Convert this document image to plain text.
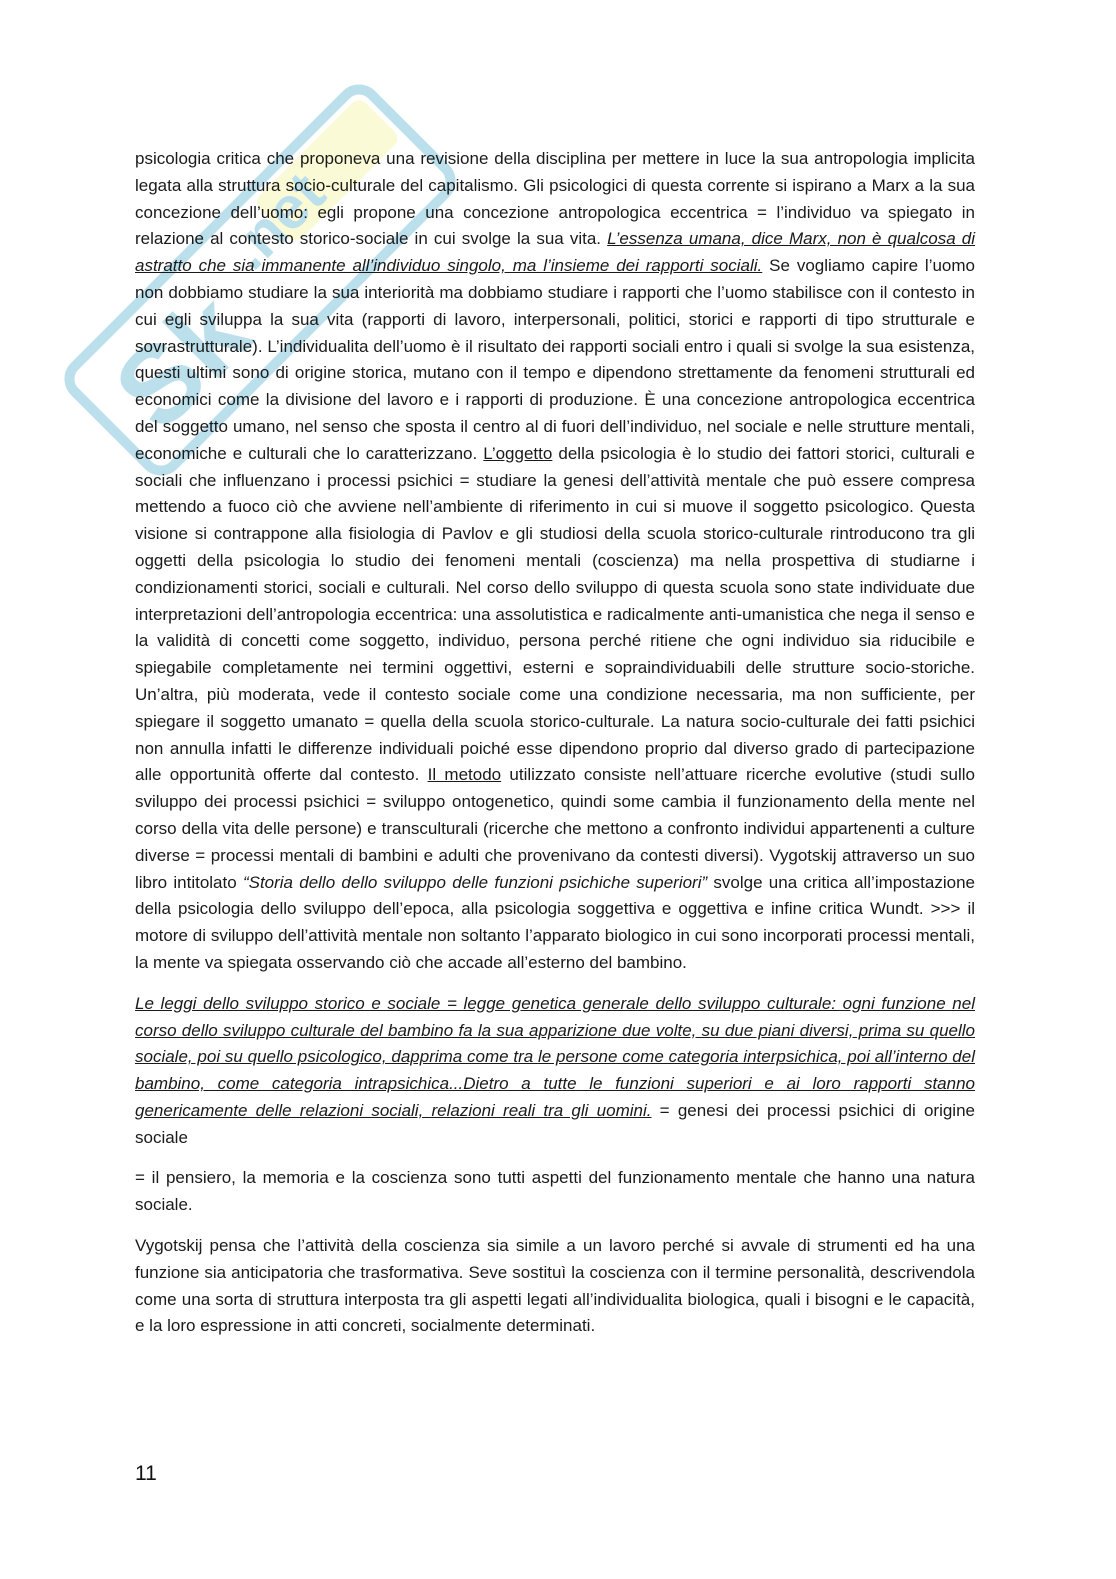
Sk
.net

psicologia critica che proponeva una revisione della disciplina per mettere in luce la sua antropologia implicita legata alla struttura socio-culturale del capitalismo. Gli psicologici di questa corrente si ispirano a Marx a la sua concezione dell’uomo: egli propone una concezione antropologica eccentrica = l’individuo va spiegato in relazione al contesto storico-sociale in cui svolge la sua vita. L’essenza umana, dice Marx, non è qualcosa di astratto che sia immanente all’individuo singolo, ma l’insieme dei rapporti sociali. Se vogliamo capire l’uomo non dobbiamo studiare la sua interiorità ma dobbiamo studiare i rapporti che l’uomo stabilisce con il contesto in cui egli sviluppa la sua vita (rapporti di lavoro, interpersonali, politici, storici e rapporti di tipo strutturale e sovrastrutturale). L’individualita dell’uomo è il risultato dei rapporti sociali entro i quali si svolge la sua esistenza, questi ultimi sono di origine storica, mutano con il tempo e dipendono strettamente da fenomeni strutturali ed economici come la divisione del lavoro e i rapporti di produzione. È una concezione antropologica eccentrica del soggetto umano, nel senso che sposta il centro al di fuori dell’individuo, nel sociale e nelle strutture mentali, economiche e culturali che lo caratterizzano. L’oggetto della psicologia è lo studio dei fattori storici, culturali e sociali che influenzano i processi psichici = studiare la genesi dell’attività mentale che può essere compresa mettendo a fuoco ciò che avviene nell’ambiente di riferimento in cui si muove il soggetto psicologico. Questa visione si contrappone alla fisiologia di Pavlov e gli studiosi della scuola storico-culturale rintroducono tra gli oggetti della psicologia lo studio dei fenomeni mentali (coscienza) ma nella prospettiva di studiarne i condizionamenti storici, sociali e culturali. Nel corso dello sviluppo di questa scuola sono state individuate due interpretazioni dell’antropologia eccentrica: una assolutistica e radicalmente anti-umanistica che nega il senso e la validità di concetti come soggetto, individuo, persona perché ritiene che ogni individuo sia riducibile e spiegabile completamente nei termini oggettivi, esterni e sopraindividuabili delle strutture socio-storiche. Un’altra, più moderata, vede il contesto sociale come una condizione necessaria, ma non sufficiente, per spiegare il soggetto umanato = quella della scuola storico-culturale. La natura socio-culturale dei fatti psichici non annulla infatti le differenze individuali poiché esse dipendono proprio dal diverso grado di partecipazione alle opportunità offerte dal contesto. Il metodo utilizzato consiste nell’attuare ricerche evolutive (studi sullo sviluppo dei processi psichici = sviluppo ontogenetico, quindi some cambia il funzionamento della mente nel corso della vita delle persone) e transculturali (ricerche che mettono a confronto individui appartenenti a culture diverse = processi mentali di bambini e adulti che provenivano da contesti diversi). Vygotskij attraverso un suo libro intitolato “Storia dello dello sviluppo delle funzioni psichiche superiori” svolge una critica all’impostazione della psicologia dello sviluppo dell’epoca, alla psicologia soggettiva e oggettiva e infine critica Wundt. >>> il motore di sviluppo dell’attività mentale non soltanto l’apparato biologico in cui sono incorporati processi mentali, la mente va spiegata osservando ciò che accade all’esterno del bambino.

Le leggi dello sviluppo storico e sociale = legge genetica generale dello sviluppo culturale: ogni funzione nel corso dello sviluppo culturale del bambino fa la sua apparizione due volte, su due piani diversi, prima su quello sociale, poi su quello psicologico, dapprima come tra le persone come categoria interpsichica, poi all’interno del bambino, come categoria intrapsichica...Dietro a tutte le funzioni superiori e ai loro rapporti stanno genericamente delle relazioni sociali, relazioni reali tra gli uomini. = genesi dei processi psichici di origine sociale

= il pensiero, la memoria e la coscienza sono tutti aspetti del funzionamento mentale che hanno una natura sociale.

Vygotskij pensa che l’attività della coscienza sia simile a un lavoro perché si avvale di strumenti ed ha una funzione sia anticipatoria che trasformativa. Seve sostituì la coscienza con il termine personalità, descrivendola come una sorta di struttura interposta tra gli aspetti legati all’individualita biologica, quali i bisogni e le capacità, e la loro espressione in atti concreti, socialmente determinati.

11
